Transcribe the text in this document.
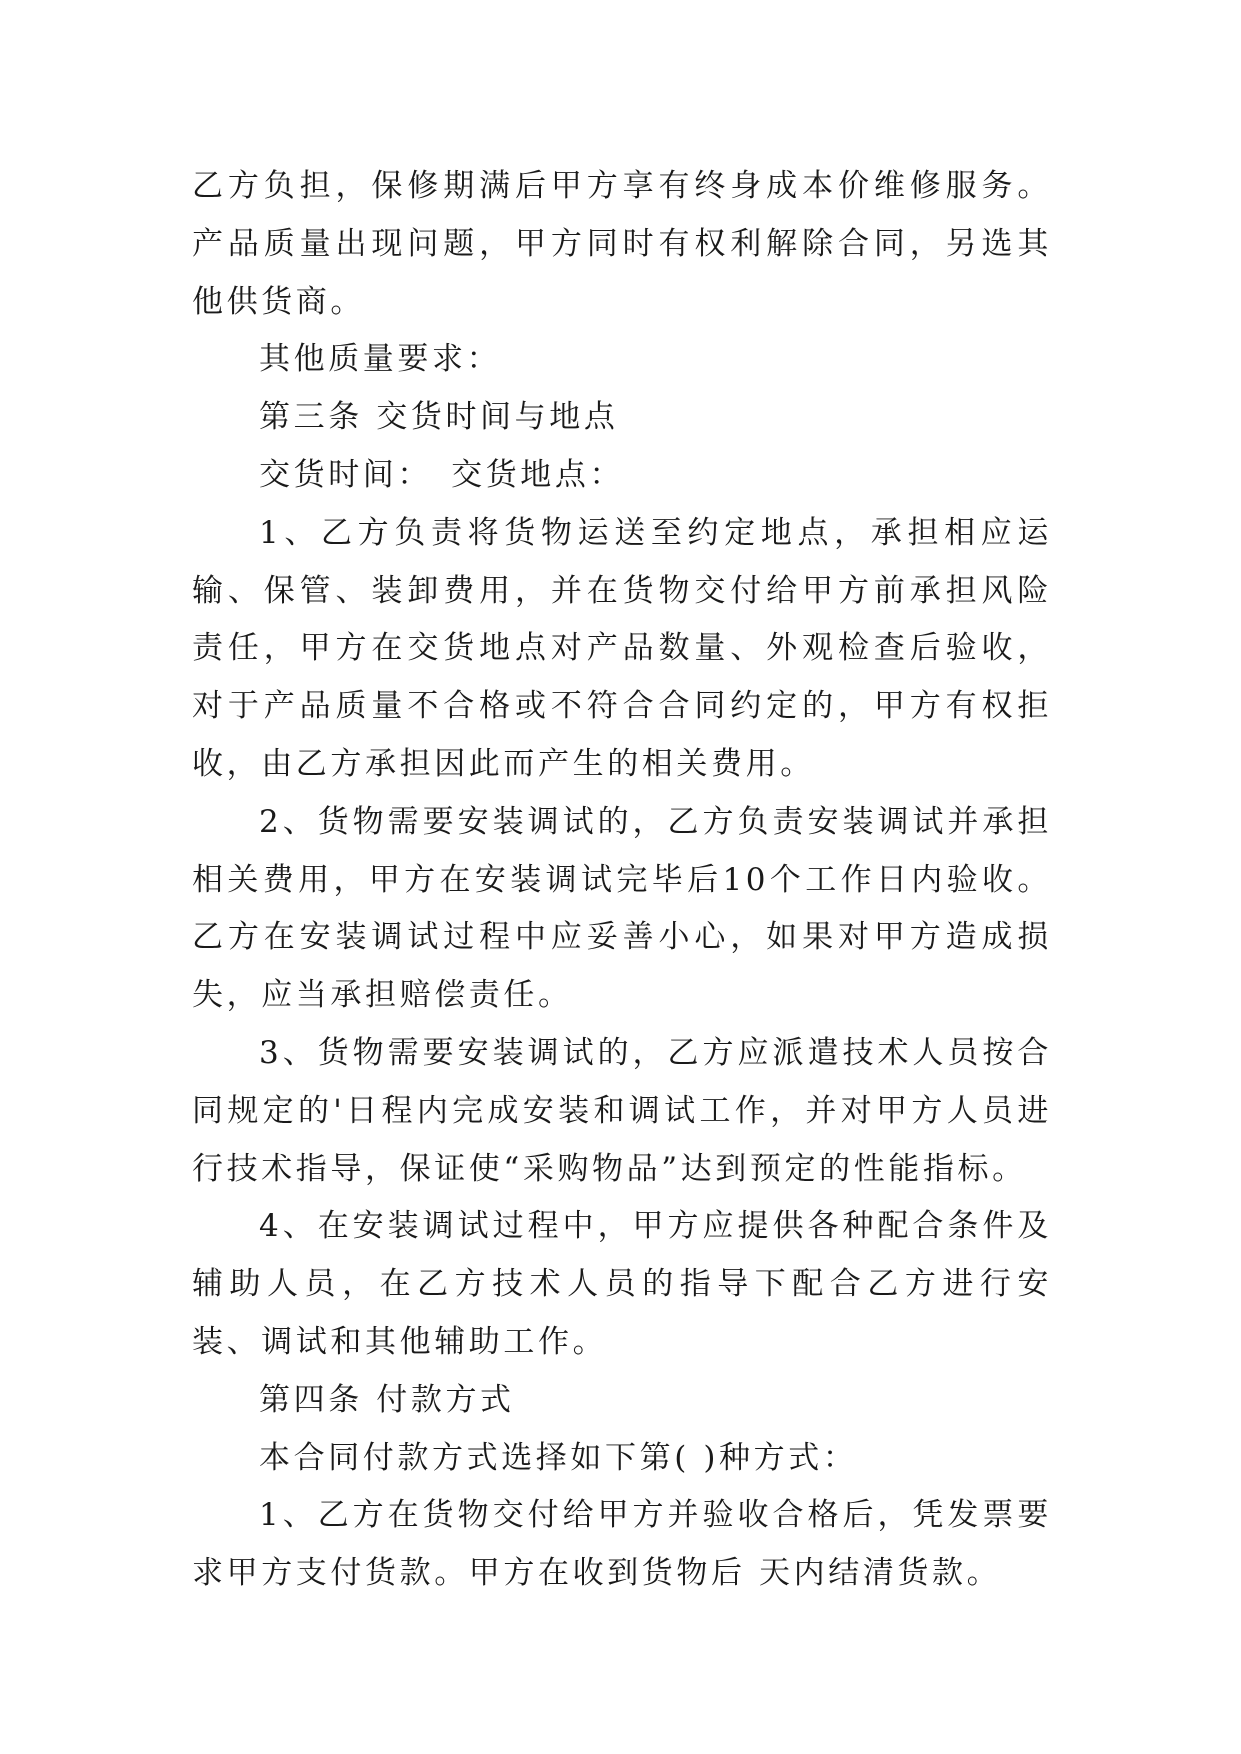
乙方负担，保修期满后甲方享有终身成本价维修服务。产品质量出现问题，甲方同时有权利解除合同，另选其他供货商。

其他质量要求：

第三条 交货时间与地点

交货时间：　交货地点：

1、乙方负责将货物运送至约定地点，承担相应运输、保管、装卸费用，并在货物交付给甲方前承担风险责任，甲方在交货地点对产品数量、外观检查后验收，对于产品质量不合格或不符合合同约定的，甲方有权拒收，由乙方承担因此而产生的相关费用。

2、货物需要安装调试的，乙方负责安装调试并承担相关费用，甲方在安装调试完毕后10个工作日内验收。乙方在安装调试过程中应妥善小心，如果对甲方造成损失，应当承担赔偿责任。

3、货物需要安装调试的，乙方应派遣技术人员按合同规定的'日程内完成安装和调试工作，并对甲方人员进行技术指导，保证使“采购物品”达到预定的性能指标。

4、在安装调试过程中，甲方应提供各种配合条件及辅助人员，在乙方技术人员的指导下配合乙方进行安装、调试和其他辅助工作。

第四条 付款方式

本合同付款方式选择如下第( )种方式：

1、乙方在货物交付给甲方并验收合格后，凭发票要求甲方支付货款。甲方在收到货物后 天内结清货款。
